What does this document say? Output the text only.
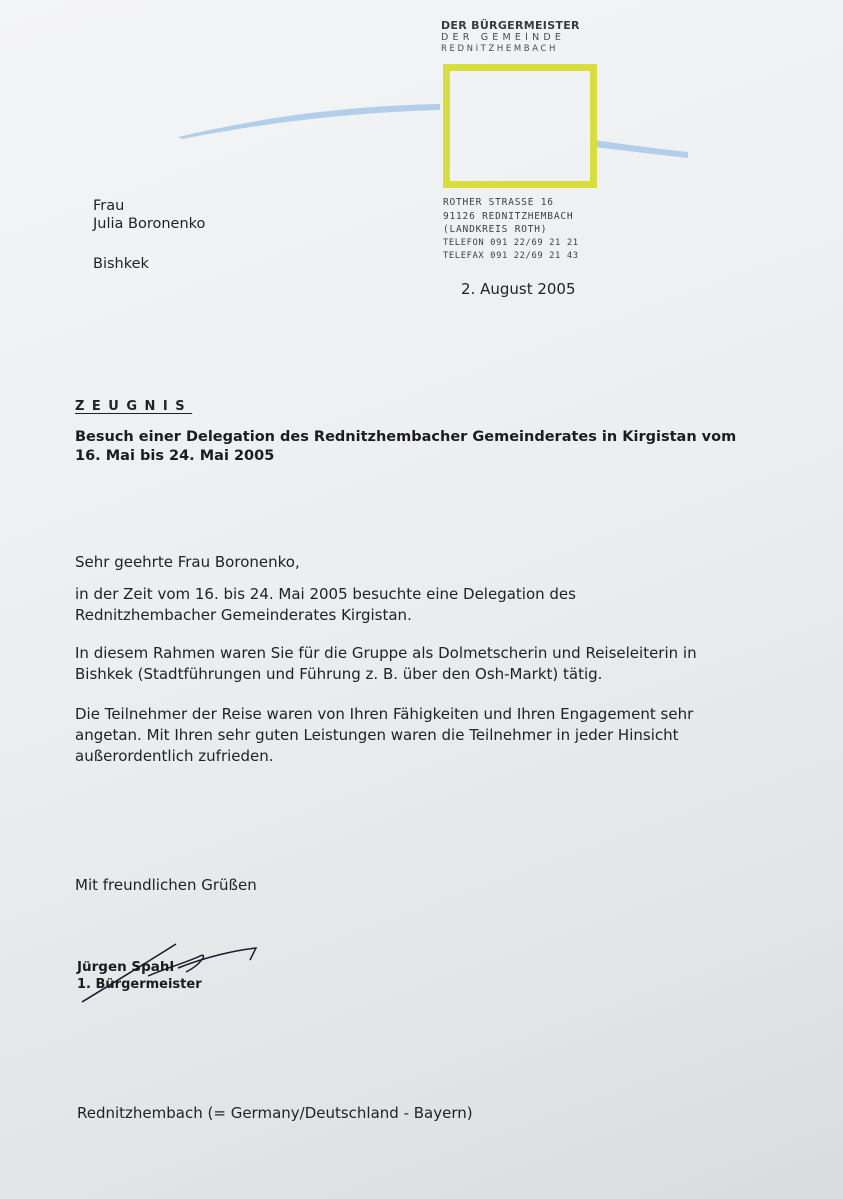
DER BÜRGERMEISTER
DER GEMEINDE
REDNITZHEMBACH
ROTHER STRASSE 16
91126 REDNITZHEMBACH
(LANDKREIS ROTH)
TELEFON 091 22/69 21 21
TELEFAX 091 22/69 21 43
Frau
Julia Boronenko
Bishkek
2. August 2005
ZEUGNIS
Besuch einer Delegation des Rednitzhembacher Gemeinderates in Kirgistan vom 16. Mai bis 24. Mai 2005
Sehr geehrte Frau Boronenko,
in der Zeit vom 16. bis 24. Mai 2005 besuchte eine Delegation des Rednitzhembacher Gemeinderates Kirgistan.
In diesem Rahmen waren Sie für die Gruppe als Dolmetscherin und Reiseleiterin in Bishkek (Stadtführungen und Führung z. B. über den Osh-Markt) tätig.
Die Teilnehmer der Reise waren von Ihren Fähigkeiten und Ihren Engagement sehr angetan. Mit Ihren sehr guten Leistungen waren die Teilnehmer in jeder Hinsicht außerordentlich zufrieden.
Mit freundlichen Grüßen
Jürgen Spahl
1. Bürgermeister
Rednitzhembach (= Germany/Deutschland - Bayern)
